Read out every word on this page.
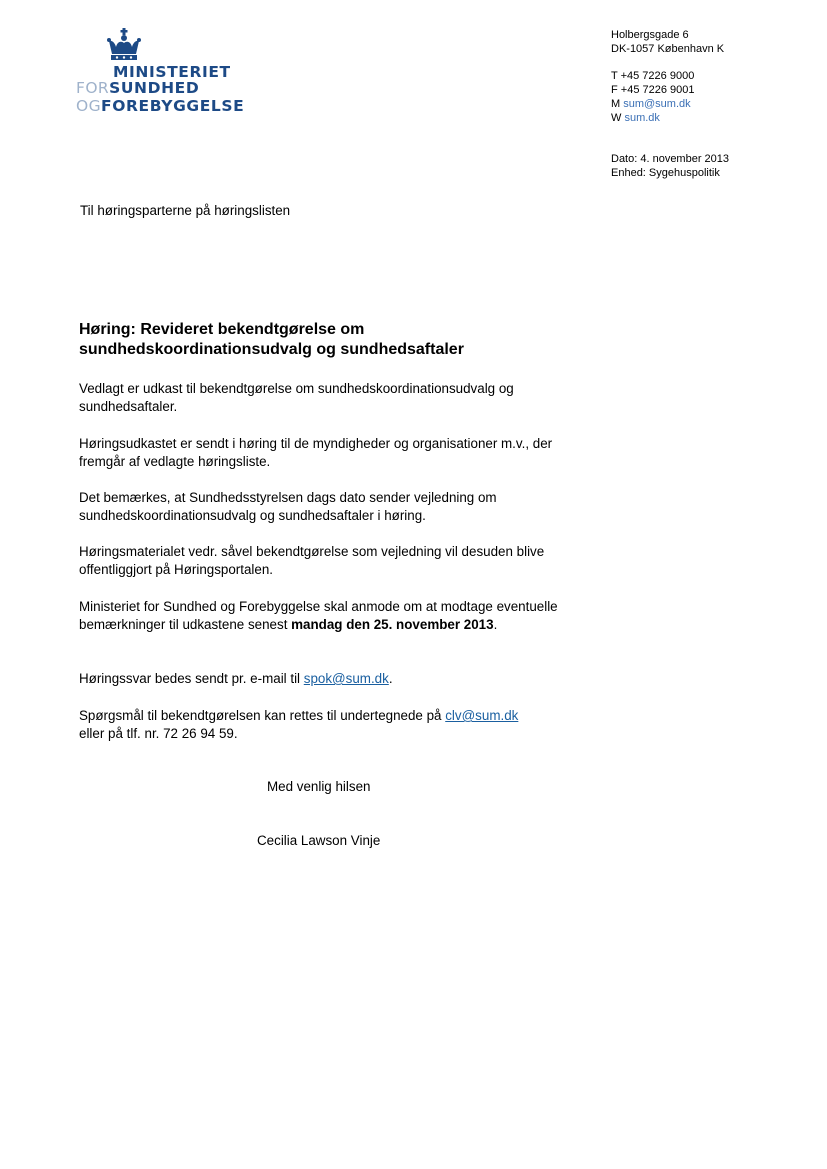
MINISTERIET
FORSUNDHED
OGFOREBYGGELSE
Holbergsgade 6
DK-1057 København K
T +45 7226 9000
F +45 7226 9001
M sum@sum.dk
W sum.dk
Dato: 4. november 2013
Enhed: Sygehuspolitik
Til høringsparterne på høringslisten
Høring: Revideret bekendtgørelse om
sundhedskoordinationsudvalg og sundhedsaftaler
Vedlagt er udkast til bekendtgørelse om sundhedskoordinationsudvalg og sundhedsaftaler.
Høringsudkastet er sendt i høring til de myndigheder og organisationer m.v., der fremgår af vedlagte høringsliste.
Det bemærkes, at Sundhedsstyrelsen dags dato sender vejledning om sundhedskoordinationsudvalg og sundhedsaftaler i høring.
Høringsmaterialet vedr. såvel bekendtgørelse som vejledning vil desuden blive offentliggjort på Høringsportalen.
Ministeriet for Sundhed og Forebyggelse skal anmode om at modtage eventuelle bemærkninger til udkastene senest mandag den 25. november 2013.
Høringssvar bedes sendt pr. e-mail til spok@sum.dk.
Spørgsmål til bekendtgørelsen kan rettes til undertegnede på clv@sum.dk
eller på tlf. nr. 72 26 94 59.
Med venlig hilsen
Cecilia Lawson Vinje
